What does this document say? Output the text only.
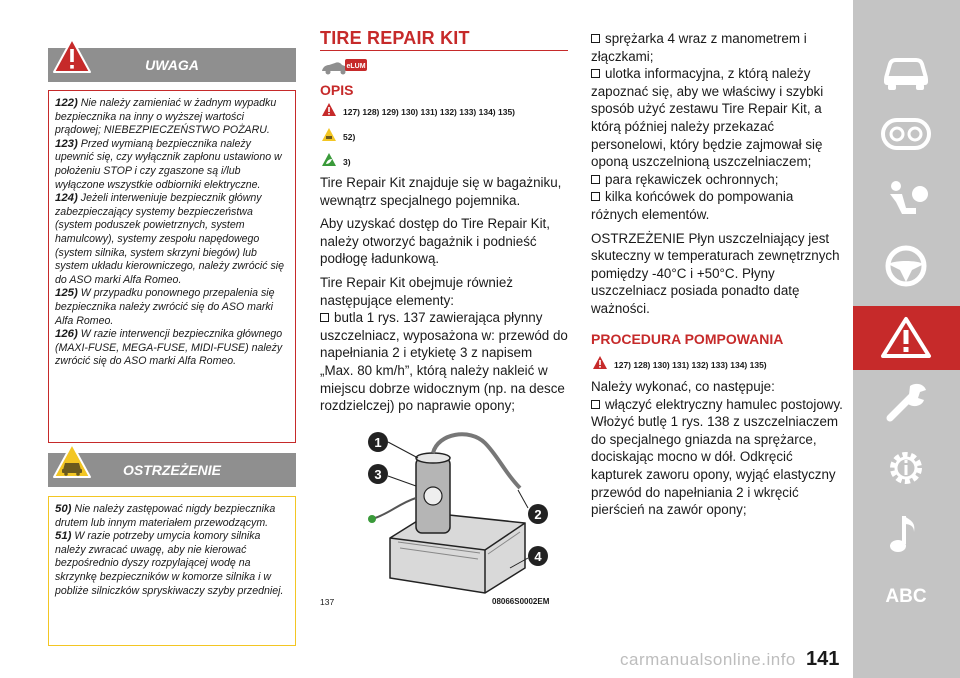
UWAGA

122) Nie należy zamieniać w żadnym wypadku bezpiecznika na inny o wyższej wartości prądowej; NIEBEZPIECZEŃSTWO POŻARU.

123) Przed wymianą bezpiecznika należy upewnić się, czy wyłącznik zapłonu ustawiono w położeniu STOP i czy zgaszone są i/lub wyłączone wszystkie odbiorniki elektryczne.

124) Jeżeli interweniuje bezpiecznik główny zabezpieczający systemy bezpieczeństwa (system poduszek powietrznych, system hamulcowy), systemy zespołu napędowego (system silnika, system skrzyni biegów) lub system układu kierowniczego, należy zwrócić się do ASO marki Alfa Romeo.

125) W przypadku ponownego przepalenia się bezpiecznika należy zwrócić się do ASO marki Alfa Romeo.

126) W razie interwencji bezpiecznika głównego (MAXI-FUSE, MEGA-FUSE, MIDI-FUSE) należy zwrócić się do ASO marki Alfa Romeo.

OSTRZEŻENIE

50) Nie należy zastępować nigdy bezpiecznika drutem lub innym materiałem przewodzącym.

51) W razie potrzeby umycia komory silnika należy zwracać uwagę, aby nie kierować bezpośrednio dyszy rozpylającej wodę na skrzynkę bezpieczników w komorze silnika i w pobliże silniczków spryskiwaczy szyby przedniej.

TIRE REPAIR KIT
eLUM
OPIS
127) 128) 129) 130) 131) 132) 133) 134) 135)
52)
3)

Tire Repair Kit znajduje się w bagażniku, wewnątrz specjalnego pojemnika.

Aby uzyskać dostęp do Tire Repair Kit, należy otworzyć bagażnik i podnieść podłogę ładunkową.

Tire Repair Kit obejmuje również następujące elementy:

butla 1 rys. 137 zawierająca płynny uszczelniacz, wyposażona w: przewód do napełniania 2 i etykietę 3 z napisem „Max. 80 km/h”, którą należy nakleić w miejscu dobrze widocznym (np. na desce rozdzielczej) po naprawie opony;

1
2
3
4
137	08066S0002EM

sprężarka 4 wraz z manometrem i złączkami;

ulotka informacyjna, z którą należy zapoznać się, aby we właściwy i szybki sposób użyć zestawu Tire Repair Kit, a którą później należy przekazać personelowi, który będzie zajmował się oponą uszczelnioną uszczelniaczem;

para rękawiczek ochronnych;

kilka końcówek do pompowania różnych elementów.

OSTRZEŻENIE Płyn uszczelniający jest skuteczny w temperaturach zewnętrznych pomiędzy -40°C i +50°C. Płyny uszczelniacz posiada ponadto datę ważności.

PROCEDURA POMPOWANIA
127) 128) 130) 131) 132) 133) 134) 135)

Należy wykonać, co następuje:

włączyć elektryczny hamulec postojowy. Włożyć butlę 1 rys. 138 z uszczelniaczem do specjalnego gniazda na sprężarce, dociskając mocno w dół. Odkręcić kapturek zaworu opony, wyjąć elastyczny przewód do napełniania 2 i wkręcić pierścień na zawór opony;

ABC
carmanualsonline.info 141
